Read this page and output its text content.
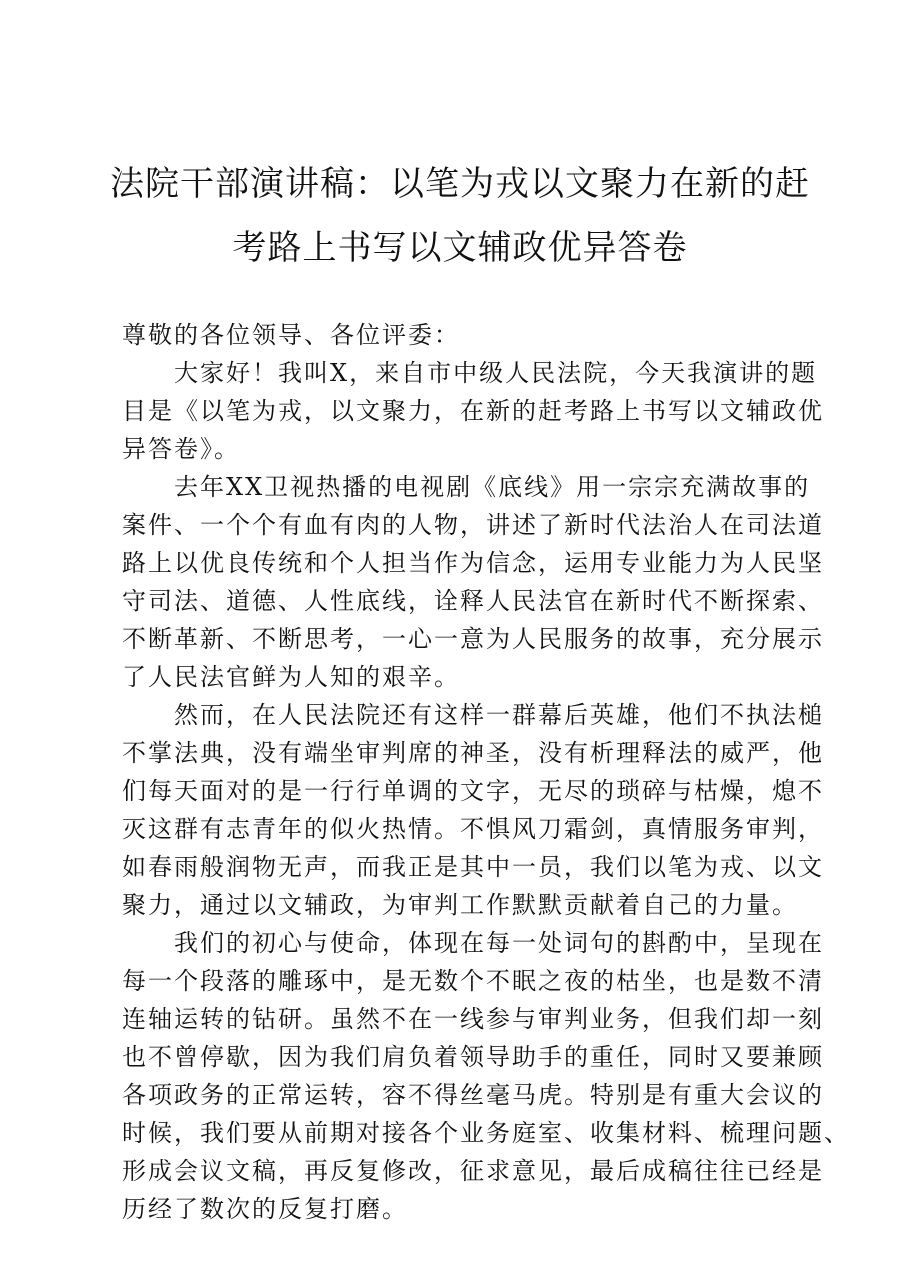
法院干部演讲稿：以笔为戎以文聚力在新的赶
考路上书写以文辅政优异答卷

尊敬的各位领导、各位评委：

大家好！我叫X，来自市中级人民法院，今天我演讲的题
目是《以笔为戎，以文聚力，在新的赶考路上书写以文辅政优
异答卷》。

去年XX卫视热播的电视剧《底线》用一宗宗充满故事的
案件、一个个有血有肉的人物，讲述了新时代法治人在司法道
路上以优良传统和个人担当作为信念，运用专业能力为人民坚
守司法、道德、人性底线，诠释人民法官在新时代不断探索、
不断革新、不断思考，一心一意为人民服务的故事，充分展示
了人民法官鲜为人知的艰辛。

然而，在人民法院还有这样一群幕后英雄，他们不执法槌
不掌法典，没有端坐审判席的神圣，没有析理释法的威严，他
们每天面对的是一行行单调的文字，无尽的琐碎与枯燥，熄不
灭这群有志青年的似火热情。不惧风刀霜剑，真情服务审判，
如春雨般润物无声，而我正是其中一员，我们以笔为戎、以文
聚力，通过以文辅政，为审判工作默默贡献着自己的力量。

我们的初心与使命，体现在每一处词句的斟酌中，呈现在
每一个段落的雕琢中，是无数个不眠之夜的枯坐，也是数不清
连轴运转的钻研。虽然不在一线参与审判业务，但我们却一刻
也不曾停歇，因为我们肩负着领导助手的重任，同时又要兼顾
各项政务的正常运转，容不得丝毫马虎。特别是有重大会议的
时候，我们要从前期对接各个业务庭室、收集材料、梳理问题、
形成会议文稿，再反复修改，征求意见，最后成稿往往已经是
历经了数次的反复打磨。
